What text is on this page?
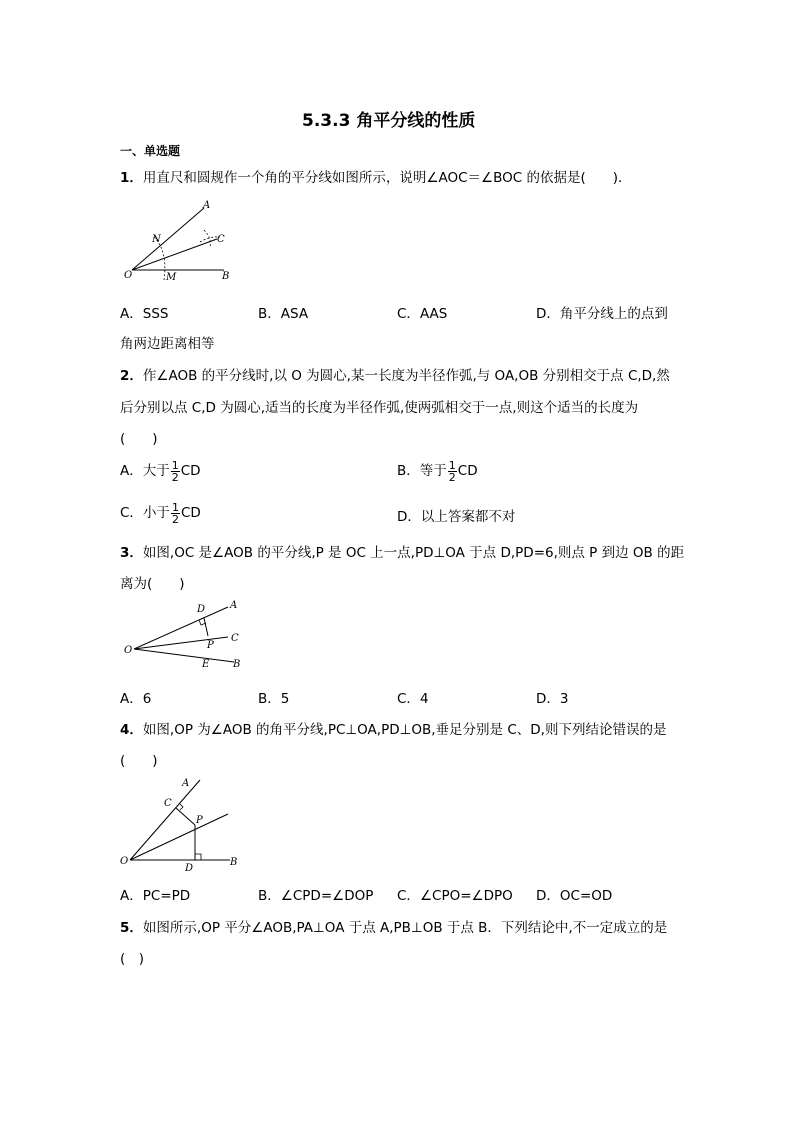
5.3.3 角平分线的性质
一、单选题
1．用直尺和圆规作一个角的平分线如图所示，说明∠AOC＝∠BOC 的依据是(　　)．
A
N	C
O	M	B
A．SSS	B．ASA	C．AAS	D．角平分线上的点到
角两边距离相等
2．作∠AOB 的平分线时,以 O 为圆心,某一长度为半径作弧,与 OA,OB 分别相交于点 C,D,然
后分别以点 C,D 为圆心,适当的长度为半径作弧,使两弧相交于一点,则这个适当的长度为
(　　)
A．大于 $\frac{1}{2}$ CD	B．等于 $\frac{1}{2}$ CD
C．小于 $\frac{1}{2}$ CD	D．以上答案都不对
3．如图,OC 是∠AOB 的平分线,P 是 OC 上一点,PD⊥OA 于点 D,PD=6,则点 P 到边 OB 的距
离为(　　)
D A
C
P
O
E B
A．6	B．5	C．4	D．3
4．如图,OP 为∠AOB 的角平分线,PC⊥OA,PD⊥OB,垂足分别是 C、D,则下列结论错误的是
(　　)
A
C
P
O
D
B
A．PC=PD	B．∠CPD=∠DOP C．∠CPO=∠DPO D．OC=OD
5．如图所示,OP 平分∠AOB,PA⊥OA 于点 A,PB⊥OB 于点 B．下列结论中,不一定成立的是
(　)
